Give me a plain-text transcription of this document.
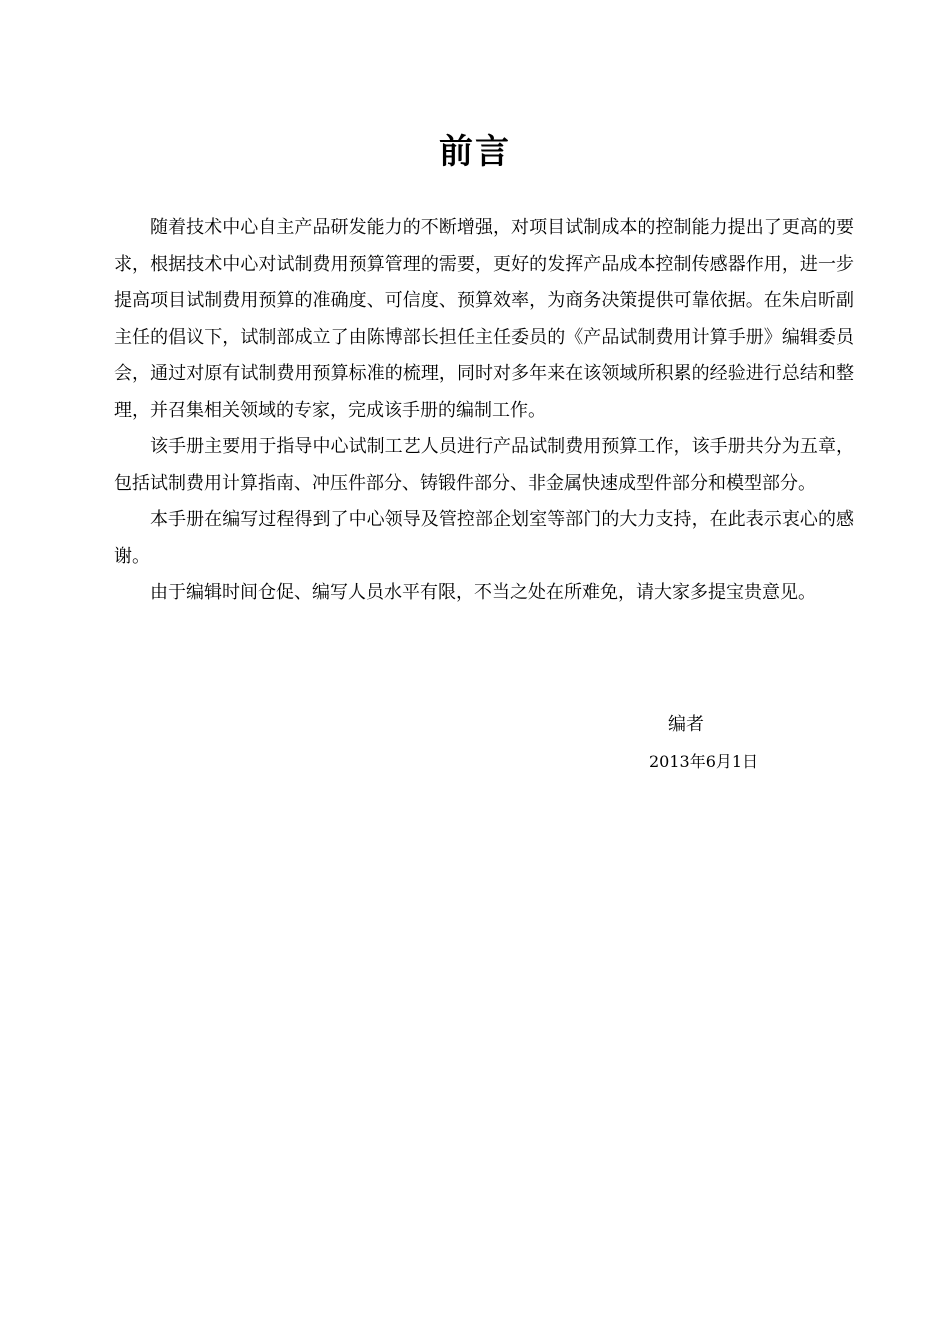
前言

随着技术中心自主产品研发能力的不断增强，对项目试制成本的控制能力提出了更高的要求，根据技术中心对试制费用预算管理的需要，更好的发挥产品成本控制传感器作用，进一步提高项目试制费用预算的准确度、可信度、预算效率，为商务决策提供可靠依据。在朱启昕副主任的倡议下，试制部成立了由陈博部长担任主任委员的《产品试制费用计算手册》编辑委员会，通过对原有试制费用预算标准的梳理，同时对多年来在该领域所积累的经验进行总结和整理，并召集相关领域的专家，完成该手册的编制工作。

该手册主要用于指导中心试制工艺人员进行产品试制费用预算工作，该手册共分为五章，包括试制费用计算指南、冲压件部分、铸锻件部分、非金属快速成型件部分和模型部分。

本手册在编写过程得到了中心领导及管控部企划室等部门的大力支持，在此表示衷心的感谢。

由于编辑时间仓促、编写人员水平有限，不当之处在所难免，请大家多提宝贵意见。

编者

2013年6月1日
